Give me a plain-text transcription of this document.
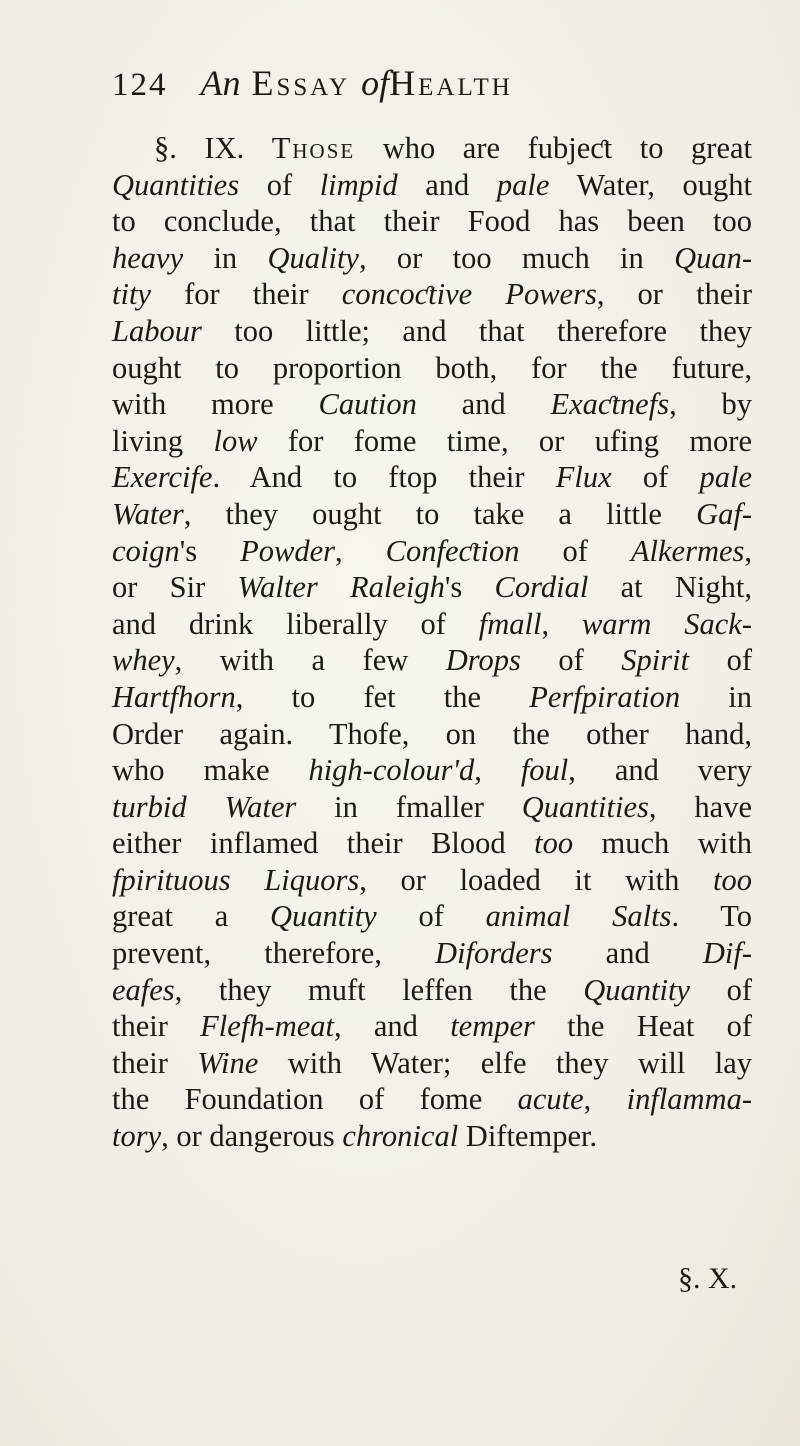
124 An Essay ofHealth
§. IX. Those who are fubjeƈt to great
Quantities of limpid and pale Water, ought
to conclude, that their Food has been too
heavy in Quality, or too much in Quan-
tity for their concoƈtive Powers, or their
Labour too little; and that therefore they
ought to proportion both, for the future,
with more Caution and Exaƈtnefs, by
living low for fome time, or ufing more
Exercife. And to ftop their Flux of pale
Water, they ought to take a little Gaf-
coign's Powder, Confeƈtion of Alkermes,
or Sir Walter Raleigh's Cordial at Night,
and drink liberally of fmall, warm Sack-
whey, with a few Drops of Spirit of
Hartfhorn, to fet the Perfpiration in
Order again. Thofe, on the other hand,
who make high-colour'd, foul, and very
turbid Water in fmaller Quantities, have
either inflamed their Blood too much with
fpirituous Liquors, or loaded it with too
great a Quantity of animal Salts. To
prevent, therefore, Diforders and Dif-
eafes, they muft leffen the Quantity of
their Flefh-meat, and temper the Heat of
their Wine with Water; elfe they will lay
the Foundation of fome acute, inflamma-
tory, or dangerous chronical Diftemper.
§. X.
